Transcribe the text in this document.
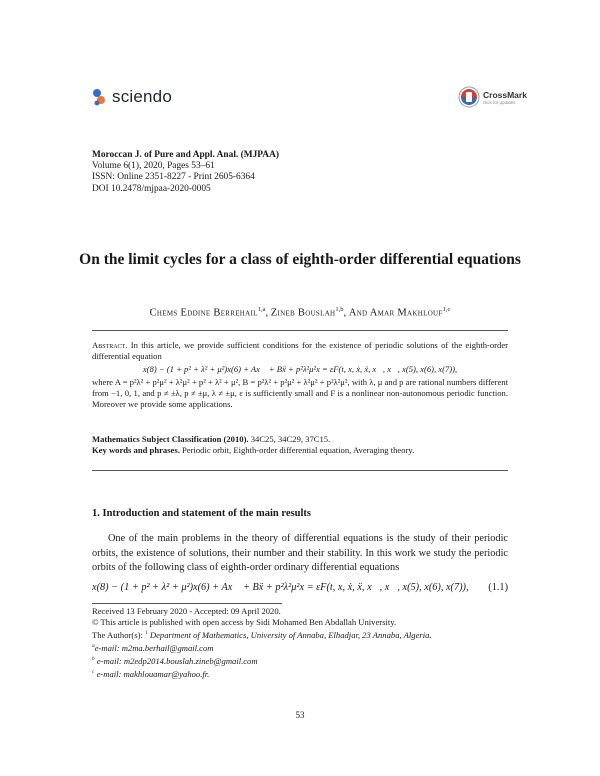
sciendo	CrossMark
click for updates
Moroccan J. of Pure and Appl. Anal. (MJPAA)
Volume 6(1), 2020, Pages 53–61
ISSN: Online 2351-8227 - Print 2605-6364
DOI 10.2478/mjpaa-2020-0005
On the limit cycles for a class of eighth-order differential equations
Chems Eddine Berrehail$^{1,a}$, Zineb Bouslah$^{1,b}$, And Amar Makhlouf$^{1,c}$
Abstract. In this article, we provide sufficient conditions for the existence of periodic solutions of the eighth-order differential equation
x(8) − (1 + p² + λ² + μ²)x(6) + Ax⃛ + Bẍ + p²λ²μ²x = εF(t, x, ẋ, ẍ, x⃛, x⃜, x(5), x(6), x(7)),
where A = p²λ² + p²μ² + λ²μ² + p² + λ² + μ², B = p²λ² + p²μ² + λ²μ² + p²λ²μ², with λ, μ and p are rational numbers different from −1, 0, 1, and p ≠ ±λ, p ≠ ±μ, λ ≠ ±μ, ε is sufficiently small and F is a nonlinear non-autonomous periodic function. Moreover we provide some applications.
Mathematics Subject Classification (2010). 34C25, 34C29, 37C15.
Key words and phrases. Periodic orbit, Eighth-order differential equation, Averaging theory.
1. Introduction and statement of the main results
One of the main problems in the theory of differential equations is the study of their periodic orbits, the existence of solutions, their number and their stability. In this work we study the periodic orbits of the following class of eighth-order ordinary differential equations
x(8) − (1 + p² + λ² + μ²)x(6) + Ax⃛ + Bẍ + p²λ²μ²x = εF(t, x, ẋ, ẍ, x⃛, x⃜, x(5), x(6), x(7)), (1.1)
Received 13 February 2020 - Accepted: 09 April 2020.
© This article is published with open access by Sidi Mohamed Ben Abdallah University.
The Author(s): $^1$ Department of Mathematics, University of Annaba, Elhadjar, 23 Annaba, Algeria.
$^a$e-mail: m2ma.berhail@gmail.com
$^b$ e-mail: m2edp2014.bouslah.zineb@gmail.com
$^c$ e-mail: makhlouamar@yahoo.fr.
53
